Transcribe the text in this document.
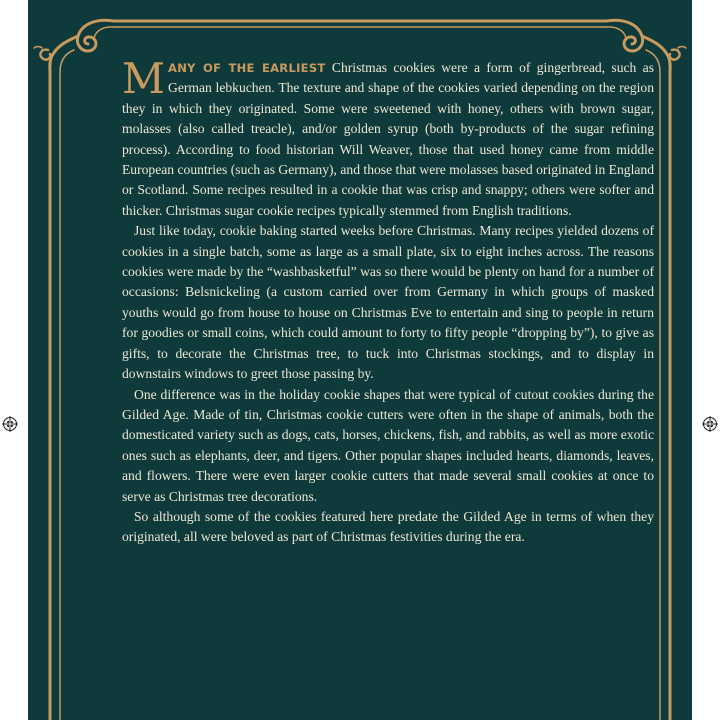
MANY OF THE EARLIEST Christmas cookies were a form of gingerbread, such as German lebkuchen. The texture and shape of the cookies varied depending on the region they in which they originated. Some were sweetened with honey, others with brown sugar, molasses (also called treacle), and/or golden syrup (both by-products of the sugar refining process). According to food historian Will Weaver, those that used honey came from middle European countries (such as Germany), and those that were molasses based originated in England or Scotland. Some recipes resulted in a cookie that was crisp and snappy; others were softer and thicker. Christmas sugar cookie recipes typically stemmed from English traditions.

Just like today, cookie baking started weeks before Christmas. Many recipes yielded dozens of cookies in a single batch, some as large as a small plate, six to eight inches across. The reasons cookies were made by the “washbasketful” was so there would be plenty on hand for a number of occasions: Belsnickeling (a custom carried over from Germany in which groups of masked youths would go from house to house on Christmas Eve to entertain and sing to people in return for goodies or small coins, which could amount to forty to fifty people “dropping by”), to give as gifts, to decorate the Christmas tree, to tuck into Christmas stockings, and to display in downstairs windows to greet those passing by.

One difference was in the holiday cookie shapes that were typical of cutout cookies during the Gilded Age. Made of tin, Christmas cookie cutters were often in the shape of animals, both the domesticated variety such as dogs, cats, horses, chickens, fish, and rabbits, as well as more exotic ones such as elephants, deer, and tigers. Other popular shapes included hearts, diamonds, leaves, and flowers. There were even larger cookie cutters that made several small cookies at once to serve as Christmas tree decorations.

So although some of the cookies featured here predate the Gilded Age in terms of when they originated, all were beloved as part of Christmas festivities during the era.
